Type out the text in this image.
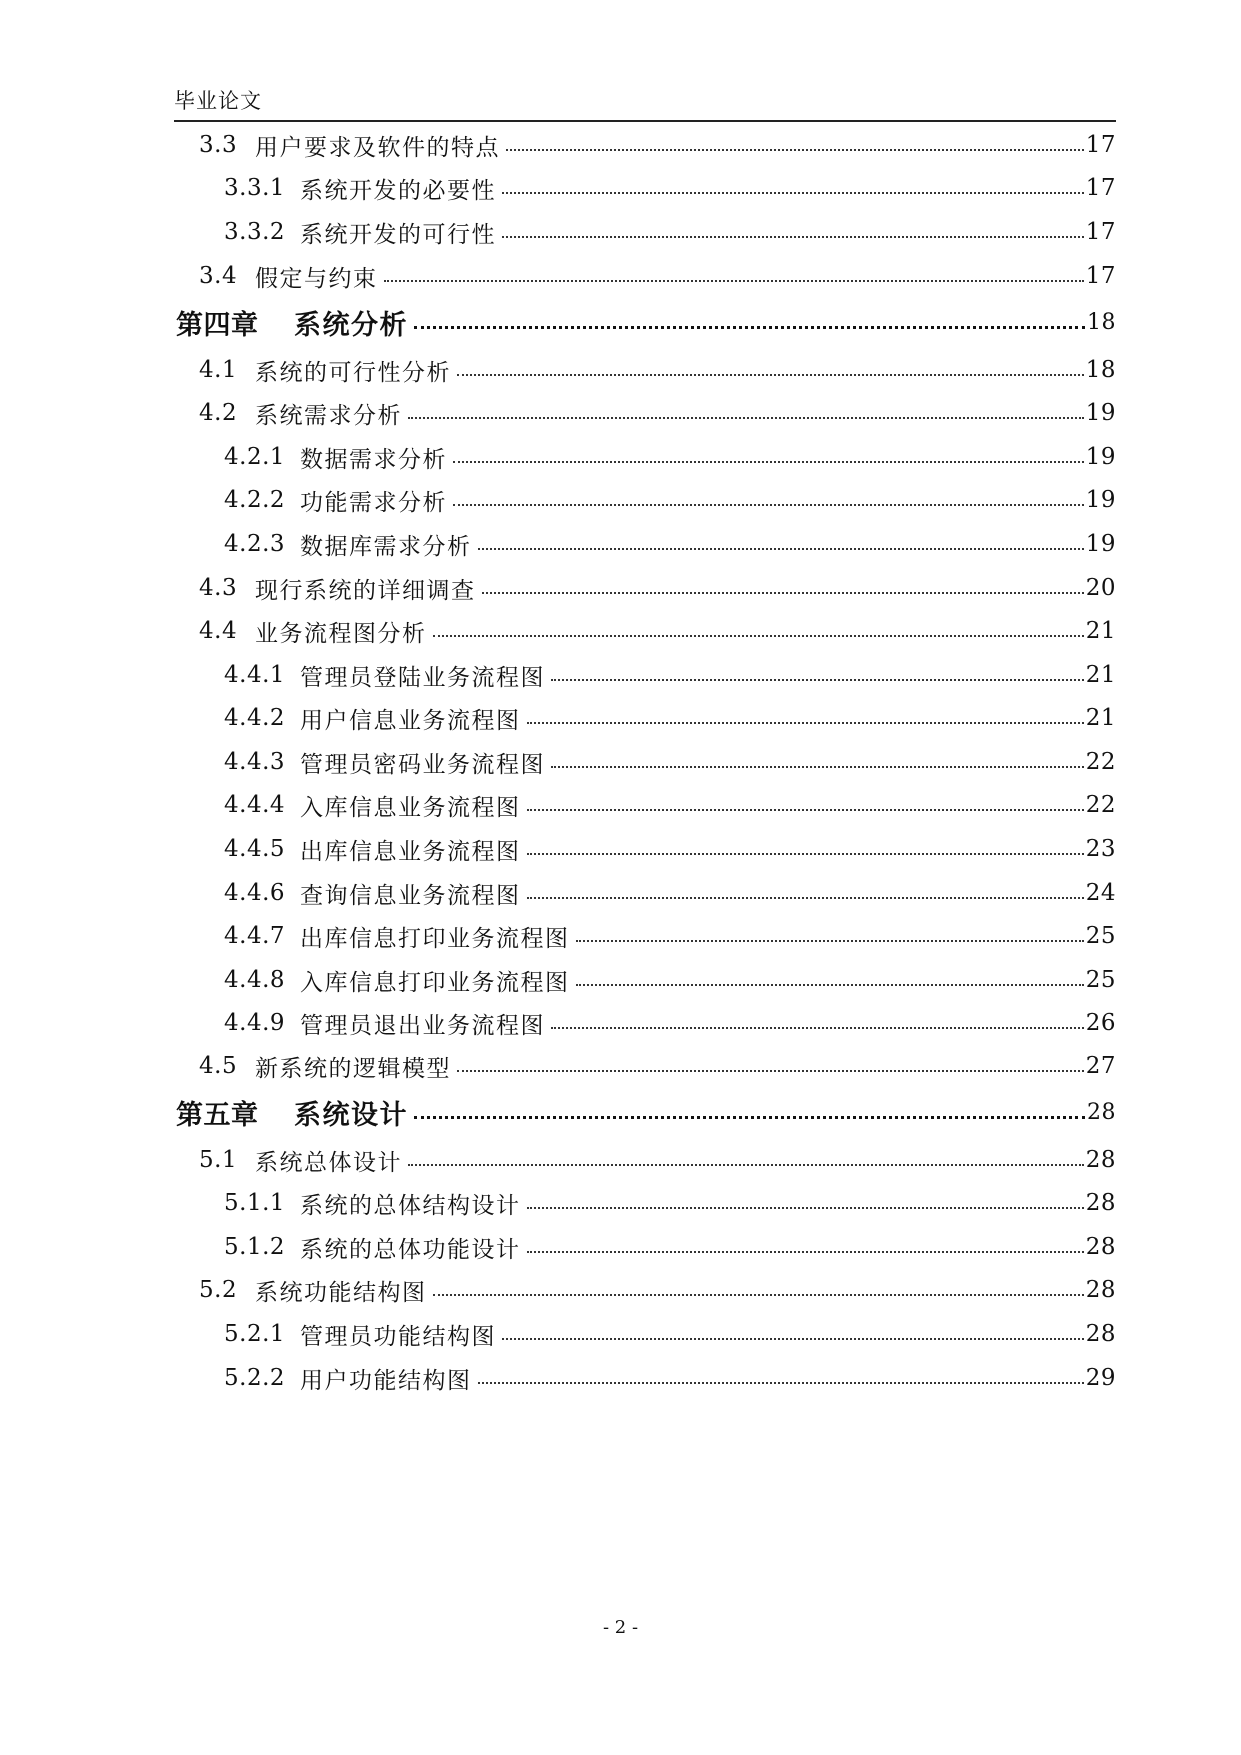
毕业论文
3.3 用户要求及软件的特点	17
3.3.1 系统开发的必要性	17
3.3.2 系统开发的可行性	17
3.4 假定与约束	17
第四章	系统分析	18
4.1 系统的可行性分析	18
4.2 系统需求分析	19
4.2.1 数据需求分析	19
4.2.2 功能需求分析	19
4.2.3 数据库需求分析	19
4.3 现行系统的详细调查	20
4.4 业务流程图分析	21
4.4.1 管理员登陆业务流程图	21
4.4.2 用户信息业务流程图	21
4.4.3 管理员密码业务流程图	22
4.4.4 入库信息业务流程图	22
4.4.5 出库信息业务流程图	23
4.4.6 查询信息业务流程图	24
4.4.7 出库信息打印业务流程图	25
4.4.8 入库信息打印业务流程图	25
4.4.9 管理员退出业务流程图	26
4.5 新系统的逻辑模型	27
第五章	系统设计	28
5.1 系统总体设计	28
5.1.1 系统的总体结构设计	28
5.1.2 系统的总体功能设计	28
5.2 系统功能结构图	28
5.2.1 管理员功能结构图	28
5.2.2 用户功能结构图	29
- 2 -
